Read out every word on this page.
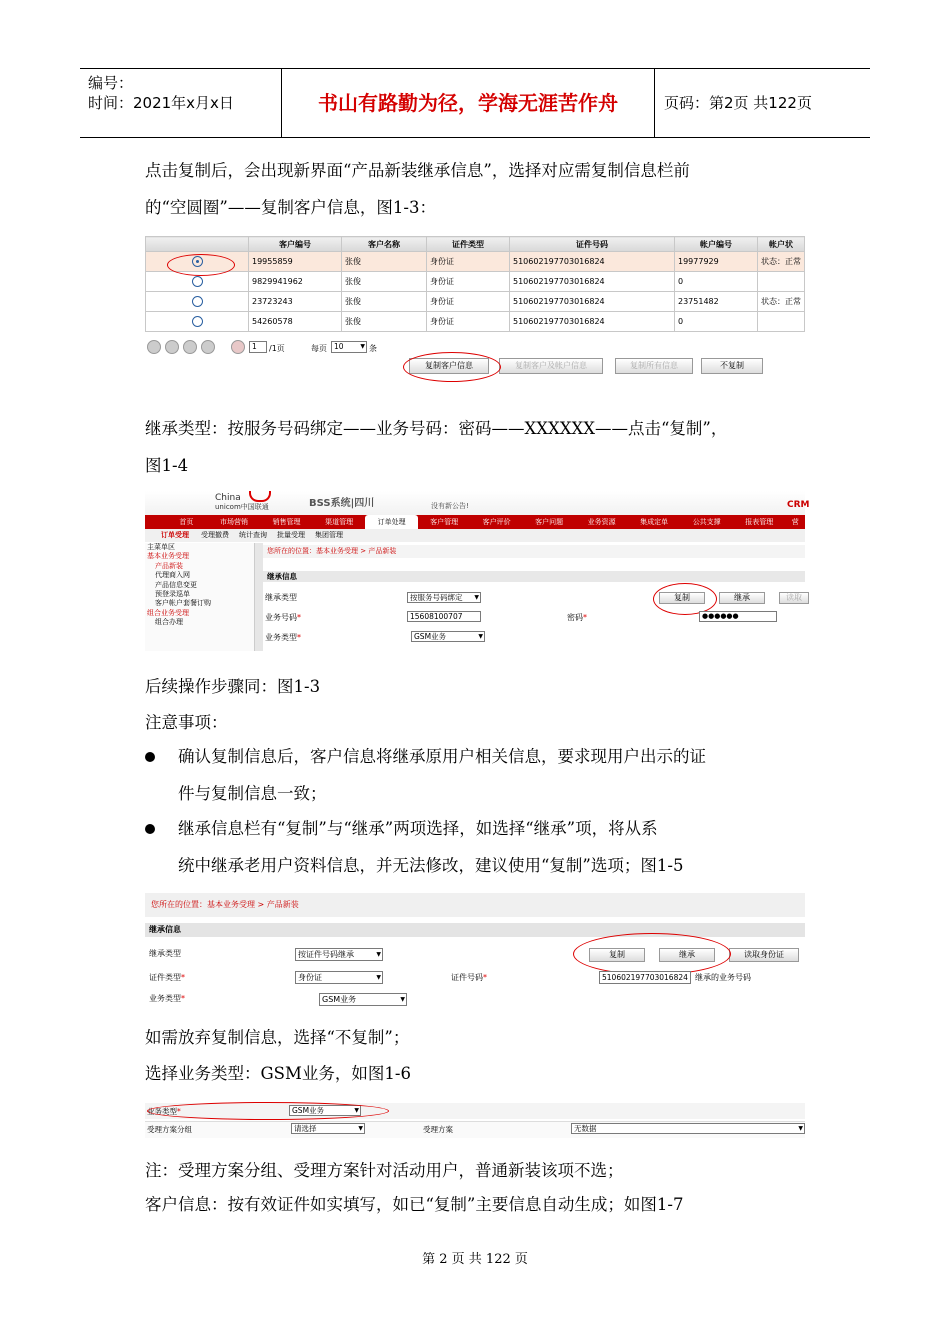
编号：
时间：2021年x月x日	书山有路勤为径，学海无涯苦作舟	页码：第2页 共122页
点击复制后，会出现新界面“产品新装继承信息”，选择对应需复制信息栏前
的“空圆圈”——复制客户信息，图1-3：
	客户编号	客户名称	证件类型	证件号码	帐户编号	帐户状
	19955859	张俊	身份证	510602197703016824	19977929	状态：正常
	9829941962	张俊	身份证	510602197703016824	0	
	23723243	张俊	身份证	510602197703016824	23751482	状态：正常
	54260578	张俊	身份证	510602197703016824	0	
1	/1页	每页 10 ▼	条
复制客户信息	复制客户及帐户信息	复制所有信息	不复制
继承类型：按服务号码绑定——业务号码：密码——XXXXXX——点击“复制”，
图1-4
China
unicom中国联通	BSS系统|四川	没有新公告!	CRM
首页	市场营销	销售管理	渠道管理	订单处理	客户管理	客户评价	客户问题	业务资源	集成定单	公共支撑	报表管理	营
订单受理 受理撤费 统计查询 批量受理 集团管理
主菜单区
基本业务受理
产品新装
代理商入网
产品信息变更
预登录巡单
客户帐户套餐订购
组合业务受理
组合办理
您所在的位置：基本业务受理 > 产品新装
继承信息
继承类型	按服务号码绑定 ▼	复制	继承	读取
业务号码*	15608100707	密码*	●●●●●●
业务类型*	GSM业务 ▼
后续操作步骤同：图1-3
注意事项：
确认复制信息后，客户信息将继承原用户相关信息，要求现用户出示的证
件与复制信息一致；
继承信息栏有“复制”与“继承”两项选择，如选择“继承”项，将从系
统中继承老用户资料信息，并无法修改，建议使用“复制”选项；图1-5
您所在的位置：基本业务受理 > 产品新装
继承信息
继承类型	按证件号码继承 ▼	复制	继承	读取身份证
证件类型*	身份证 ▼	证件号码*	510602197703016824 继承的业务号码
业务类型*	GSM业务 ▼
如需放弃复制信息，选择“不复制”；
选择业务类型：GSM业务，如图1-6
业务类型*	GSM业务 ▼
受理方案分组	请选择 ▼	受理方案	无数据 ▼
注：受理方案分组、受理方案针对活动用户，普通新装该项不选；
客户信息：按有效证件如实填写，如已“复制”主要信息自动生成；如图1-7
第 2 页 共 122 页
